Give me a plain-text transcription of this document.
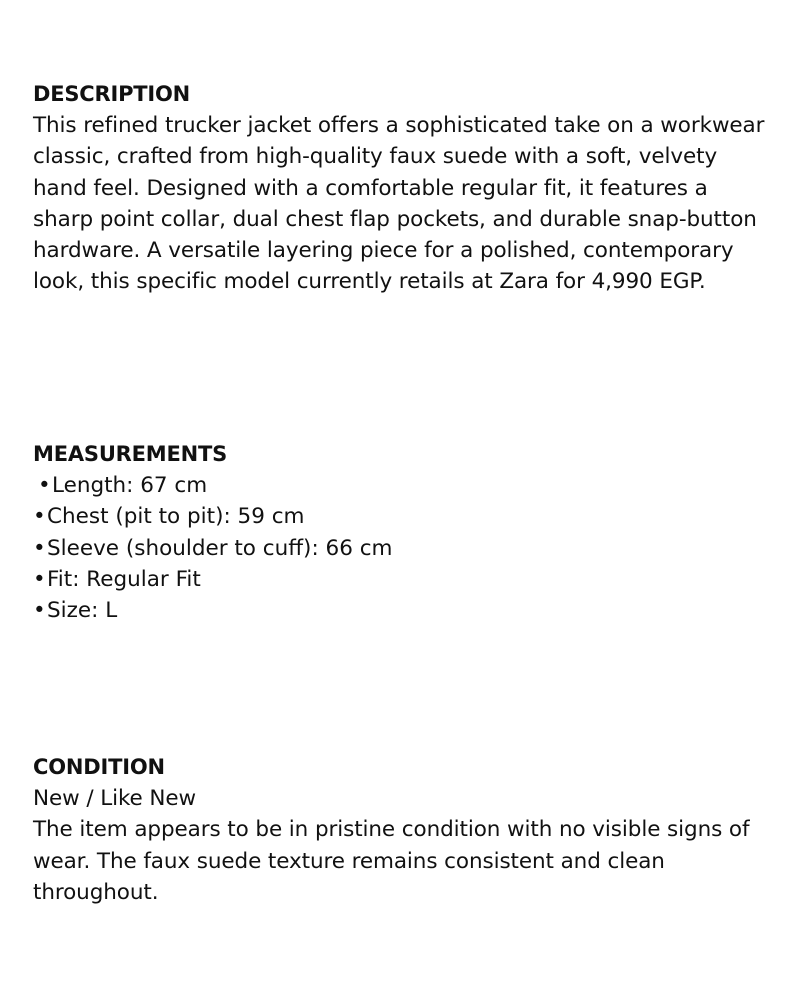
DESCRIPTION

This refined trucker jacket offers a sophisticated take on a workwear classic, crafted from high-quality faux suede with a soft, velvety hand feel. Designed with a comfortable regular fit, it features a sharp point collar, dual chest flap pockets, and durable snap-button hardware. A versatile layering piece for a polished, contemporary look, this specific model currently retails at Zara for 4,990 EGP.

MEASUREMENTS
•Length: 67 cm
•Chest (pit to pit): 59 cm
•Sleeve (shoulder to cuff): 66 cm
•Fit: Regular Fit
•Size: L
CONDITION

New / Like New

The item appears to be in pristine condition with no visible signs of wear. The faux suede texture remains consistent and clean throughout.
